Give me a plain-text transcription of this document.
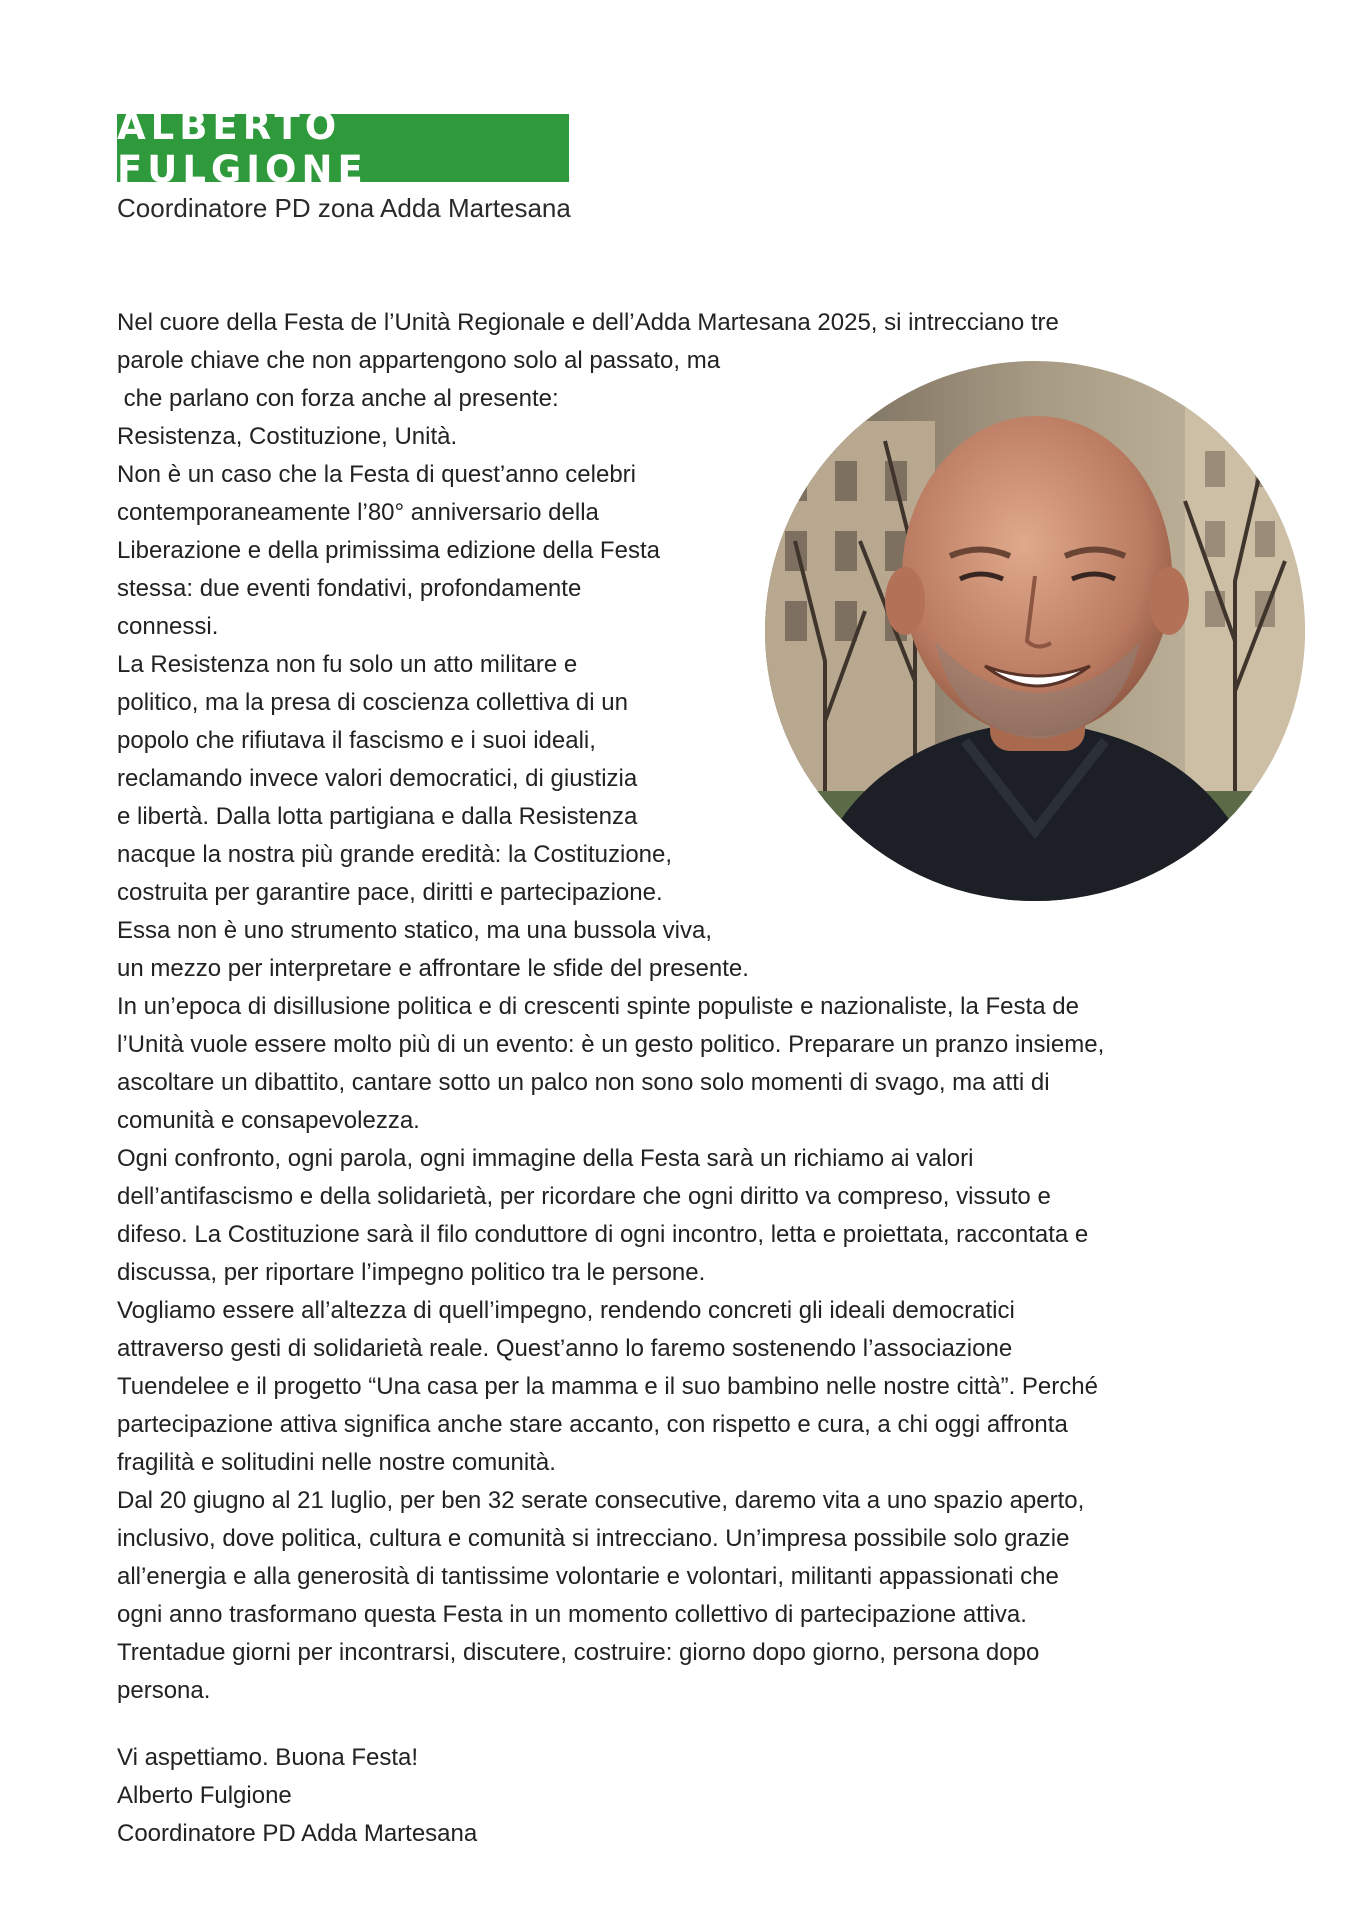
ALBERTO FULGIONE

Coordinatore PD zona Adda Martesana

Nel cuore della Festa de l’Unità Regionale e dell’Adda Martesana 2025, si intrecciano tre

parole chiave che non appartengono solo al passato, ma

che parlano con forza anche al presente:

Resistenza, Costituzione, Unità.

Non è un caso che la Festa di quest’anno celebri

contemporaneamente l’80° anniversario della

Liberazione e della primissima edizione della Festa

stessa: due eventi fondativi, profondamente

connessi.

La Resistenza non fu solo un atto militare e

politico, ma la presa di coscienza collettiva di un

popolo che rifiutava il fascismo e i suoi ideali,

reclamando invece valori democratici, di giustizia

e libertà. Dalla lotta partigiana e dalla Resistenza

nacque la nostra più grande eredità: la Costituzione,

costruita per garantire pace, diritti e partecipazione.

Essa non è uno strumento statico, ma una bussola viva,

un mezzo per interpretare e affrontare le sfide del presente.

In un’epoca di disillusione politica e di crescenti spinte populiste e nazionaliste, la Festa de

l’Unità vuole essere molto più di un evento: è un gesto politico. Preparare un pranzo insieme,

ascoltare un dibattito, cantare sotto un palco non sono solo momenti di svago, ma atti di

comunità e consapevolezza.

Ogni confronto, ogni parola, ogni immagine della Festa sarà un richiamo ai valori

dell’antifascismo e della solidarietà, per ricordare che ogni diritto va compreso, vissuto e

difeso. La Costituzione sarà il filo conduttore di ogni incontro, letta e proiettata, raccontata e

discussa, per riportare l’impegno politico tra le persone.

Vogliamo essere all’altezza di quell’impegno, rendendo concreti gli ideali democratici

attraverso gesti di solidarietà reale. Quest’anno lo faremo sostenendo l’associazione

Tuendelee e il progetto “Una casa per la mamma e il suo bambino nelle nostre città”. Perché

partecipazione attiva significa anche stare accanto, con rispetto e cura, a chi oggi affronta

fragilità e solitudini nelle nostre comunità.

Dal 20 giugno al 21 luglio, per ben 32 serate consecutive, daremo vita a uno spazio aperto,

inclusivo, dove politica, cultura e comunità si intrecciano. Un’impresa possibile solo grazie

all’energia e alla generosità di tantissime volontarie e volontari, militanti appassionati che

ogni anno trasformano questa Festa in un momento collettivo di partecipazione attiva.

Trentadue giorni per incontrarsi, discutere, costruire: giorno dopo giorno, persona dopo

persona.

Vi aspettiamo. Buona Festa!

Alberto Fulgione

Coordinatore PD Adda Martesana
